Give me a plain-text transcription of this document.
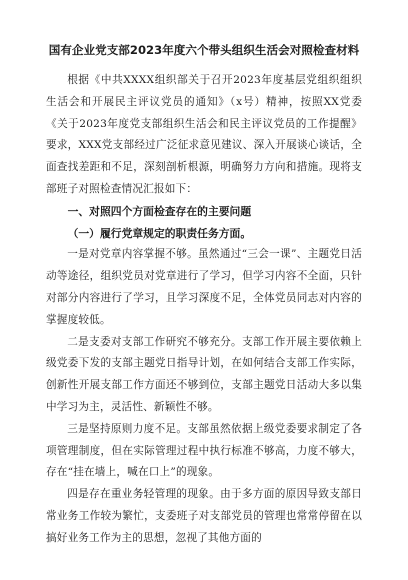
国有企业党支部2023年度六个带头组织生活会对照检查材料

根据《中共XXXX组织部关于召开2023年度基层党组织组织生活会和开展民主评议党员的通知》（x号）精神，按照XX党委《关于2023年度党支部组织生活会和民主评议党员的工作提醒》要求，XXX党支部经过广泛征求意见建议、深入开展谈心谈话，全面查找差距和不足，深刻剖析根源，明确努力方向和措施。现将支部班子对照检查情况汇报如下：

一、对照四个方面检查存在的主要问题

（一）履行党章规定的职责任务方面。

一是对党章内容掌握不够。虽然通过“三会一课”、主题党日活动等途径，组织党员对党章进行了学习，但学习内容不全面，只针对部分内容进行了学习，且学习深度不足，全体党员同志对内容的掌握度较低。

二是支委对支部工作研究不够充分。支部工作开展主要依赖上级党委下发的支部主题党日指导计划，在如何结合支部工作实际，创新性开展支部工作方面还不够到位，支部主题党日活动大多以集中学习为主，灵活性、新颖性不够。

三是坚持原则力度不足。支部虽然依据上级党委要求制定了各项管理制度，但在实际管理过程中执行标准不够高，力度不够大，存在“挂在墙上，喊在口上”的现象。

四是存在重业务轻管理的现象。由于多方面的原因导致支部日常业务工作较为繁忙，支委班子对支部党员的管理也常常停留在以搞好业务工作为主的思想，忽视了其他方面的
